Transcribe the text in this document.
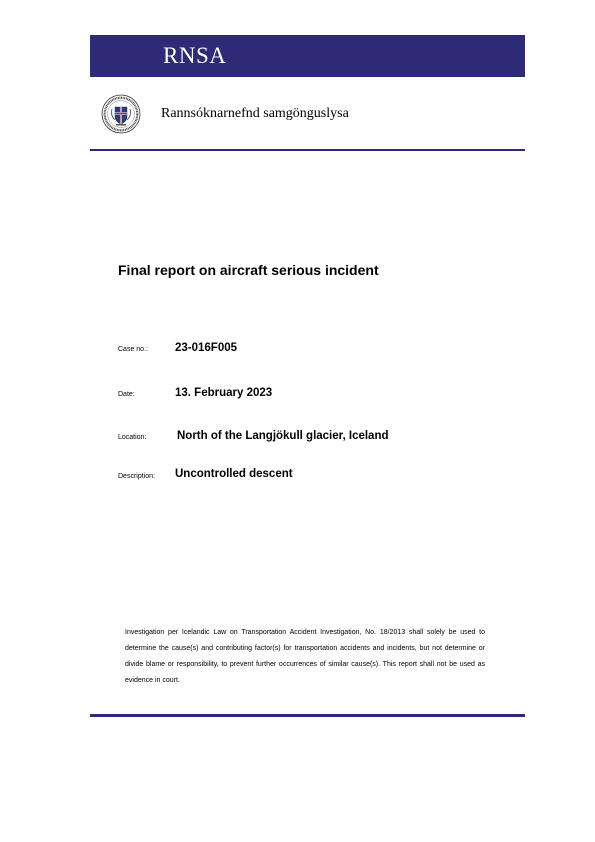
RNSA
Rannsóknarnefnd samgönguslysa
Final report on aircraft serious incident
Case no.: 23-016F005
Date:	13. February 2023
Location:	North of the Langjökull glacier, Iceland
Description: Uncontrolled descent
Investigation per Icelandic Law on Transportation Accident Investigation, No. 18/2013 shall solely be used to determine the cause(s) and contributing factor(s) for transportation accidents and incidents, but not determine or divide blame or responsibility, to prevent further occurrences of similar cause(s). This report shall not be used as evidence in court.
